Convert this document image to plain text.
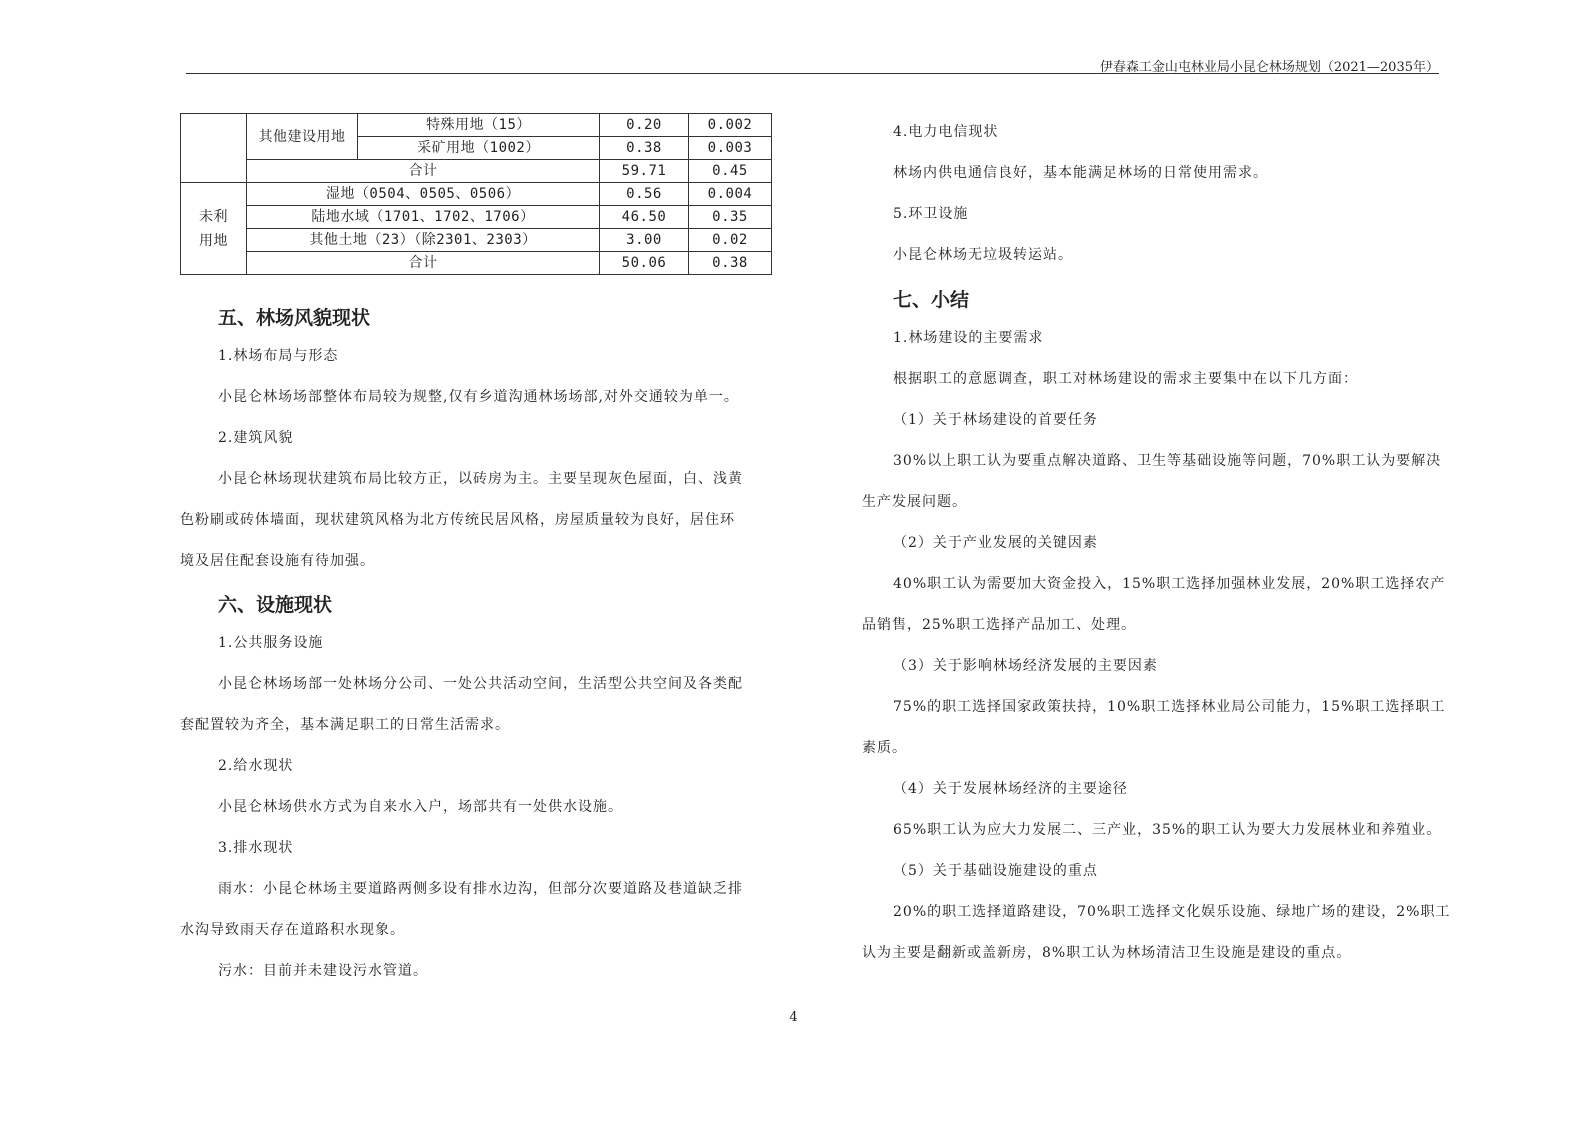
伊春森工金山屯林业局小昆仑林场规划（2021—2035年）
	其他建设用地	特殊用地（15）	0.20	0.002
		采矿用地（1002）	0.38	0.003
	合计		59.71	0.45

未利
用地	湿地（0504、0505、0506）		0.56	0.004
	陆地水域（1701、1702、1706）		46.50	0.35
	其他土地（23）（除2301、2303）		3.00	0.02
	合计		50.06	0.38
五、林场风貌现状
1.林场布局与形态
小昆仑林场场部整体布局较为规整,仅有乡道沟通林场场部,对外交通较为单一。
2.建筑风貌
小昆仑林场现状建筑布局比较方正，以砖房为主。主要呈现灰色屋面，白、浅黄
色粉刷或砖体墙面，现状建筑风格为北方传统民居风格，房屋质量较为良好，居住环
境及居住配套设施有待加强。
六、设施现状
1.公共服务设施
小昆仑林场场部一处林场分公司、一处公共活动空间，生活型公共空间及各类配
套配置较为齐全，基本满足职工的日常生活需求。
2.给水现状
小昆仑林场供水方式为自来水入户，场部共有一处供水设施。
3.排水现状
雨水：小昆仑林场主要道路两侧多设有排水边沟，但部分次要道路及巷道缺乏排
水沟导致雨天存在道路积水现象。
污水：目前并未建设污水管道。
4.电力电信现状
林场内供电通信良好，基本能满足林场的日常使用需求。
5.环卫设施
小昆仑林场无垃圾转运站。
七、小结
1.林场建设的主要需求
根据职工的意愿调查，职工对林场建设的需求主要集中在以下几方面：
（1）关于林场建设的首要任务
30%以上职工认为要重点解决道路、卫生等基础设施等问题，70%职工认为要解决
生产发展问题。
（2）关于产业发展的关键因素
40%职工认为需要加大资金投入，15%职工选择加强林业发展，20%职工选择农产
品销售，25%职工选择产品加工、处理。
（3）关于影响林场经济发展的主要因素
75%的职工选择国家政策扶持，10%职工选择林业局公司能力，15%职工选择职工
素质。
（4）关于发展林场经济的主要途径
65%职工认为应大力发展二、三产业，35%的职工认为要大力发展林业和养殖业。
（5）关于基础设施建设的重点
20%的职工选择道路建设，70%职工选择文化娱乐设施、绿地广场的建设，2%职工
认为主要是翻新或盖新房，8%职工认为林场清洁卫生设施是建设的重点。
4
